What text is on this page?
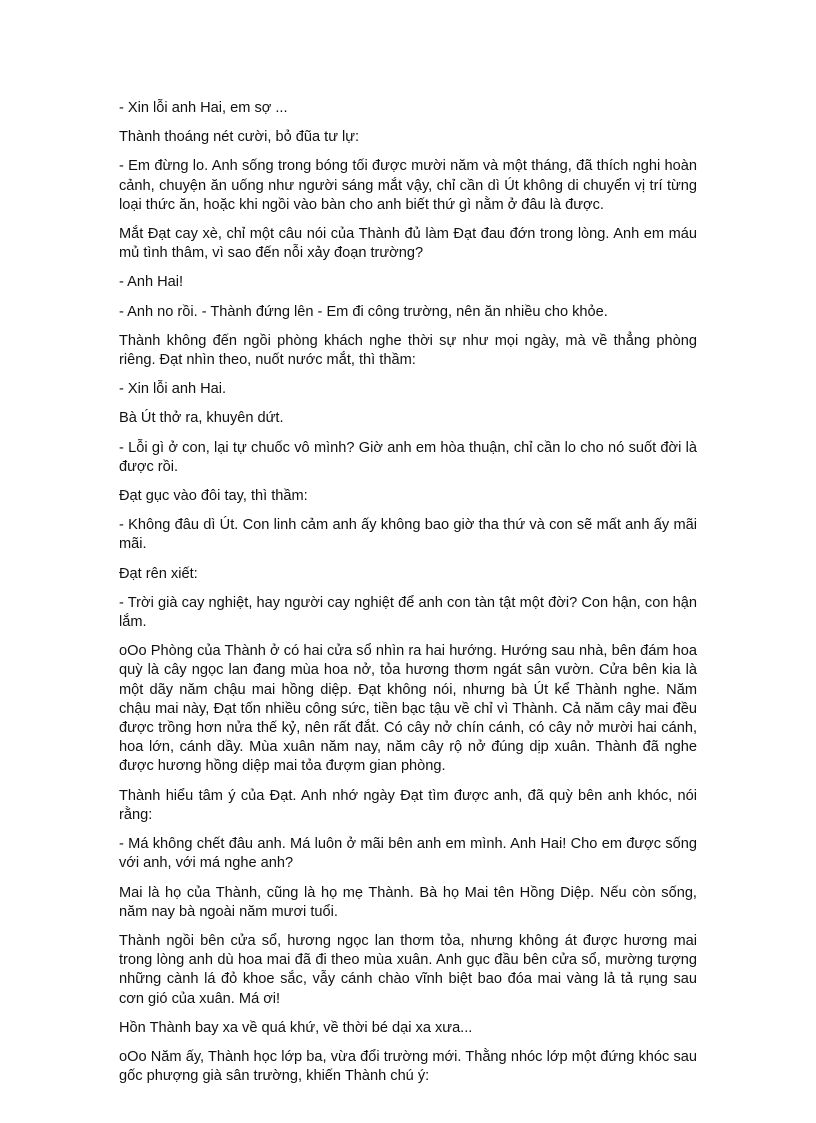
- Xin lỗi anh Hai, em sợ ...

Thành thoáng nét cười, bỏ đũa tư lự:

- Em đừng lo. Anh sống trong bóng tối được mười năm và một tháng, đã thích nghi hoàn cảnh, chuyện ăn uống như người sáng mắt vậy, chỉ cần dì Út không di chuyển vị trí từng loại thức ăn, hoặc khi ngồi vào bàn cho anh biết thứ gì nằm ở đâu là được.

Mắt Đạt cay xè, chỉ một câu nói của Thành đủ làm Đạt đau đớn trong lòng. Anh em máu mủ tình thâm, vì sao đến nỗi xảy đoạn trường?

- Anh Hai!

- Anh no rồi. - Thành đứng lên - Em đi công trường, nên ăn nhiều cho khỏe.

Thành không đến ngồi phòng khách nghe thời sự như mọi ngày, mà về thẳng phòng riêng. Đạt nhìn theo, nuốt nước mắt, thì thầm:

- Xin lỗi anh Hai.

Bà Út thở ra, khuyên dứt.

- Lỗi gì ở con, lại tự chuốc vô mình? Giờ anh em hòa thuận, chỉ cần lo cho nó suốt đời là được rồi.

Đạt gục vào đôi tay, thì thầm:

- Không đâu dì Út. Con linh cảm anh ấy không bao giờ tha thứ và con sẽ mất anh ấy mãi mãi.

Đạt rên xiết:

- Trời già cay nghiệt, hay người cay nghiệt để anh con tàn tật một đời? Con hận, con hận lắm.

oOo Phòng của Thành ở có hai cửa sổ nhìn ra hai hướng. Hướng sau nhà, bên đám hoa quỳ là cây ngọc lan đang mùa hoa nở, tỏa hương thơm ngát sân vườn. Cửa bên kia là một dãy năm chậu mai hồng diệp. Đạt không nói, nhưng bà Út kể Thành nghe. Năm chậu mai này, Đạt tốn nhiều công sức, tiền bạc tậu về chỉ vì Thành. Cả năm cây mai đều được trồng hơn nửa thế kỷ, nên rất đắt. Có cây nở chín cánh, có cây nở mười hai cánh, hoa lớn, cánh dầy. Mùa xuân năm nay, năm cây rộ nở đúng dịp xuân. Thành đã nghe được hương hồng diệp mai tỏa đượm gian phòng.

Thành hiểu tâm ý của Đạt. Anh nhớ ngày Đạt tìm được anh, đã quỳ bên anh khóc, nói rằng:

- Má không chết đâu anh. Má luôn ở mãi bên anh em mình. Anh Hai! Cho em được sống với anh, với má nghe anh?

Mai là họ của Thành, cũng là họ mẹ Thành. Bà họ Mai tên Hồng Diệp. Nếu còn sống, năm nay bà ngoài năm mươi tuổi.

Thành ngồi bên cửa sổ, hương ngọc lan thơm tỏa, nhưng không át được hương mai trong lòng anh dù hoa mai đã đi theo mùa xuân. Anh gục đầu bên cửa sổ, mường tượng những cành lá đỏ khoe sắc, vẫy cánh chào vĩnh biệt bao đóa mai vàng lả tả rụng sau cơn gió của xuân. Má ơi!

Hồn Thành bay xa về quá khứ, về thời bé dại xa xưa...

oOo Năm ấy, Thành học lớp ba, vừa đổi trường mới. Thằng nhóc lớp một đứng khóc sau gốc phượng già sân trường, khiến Thành chú ý:
